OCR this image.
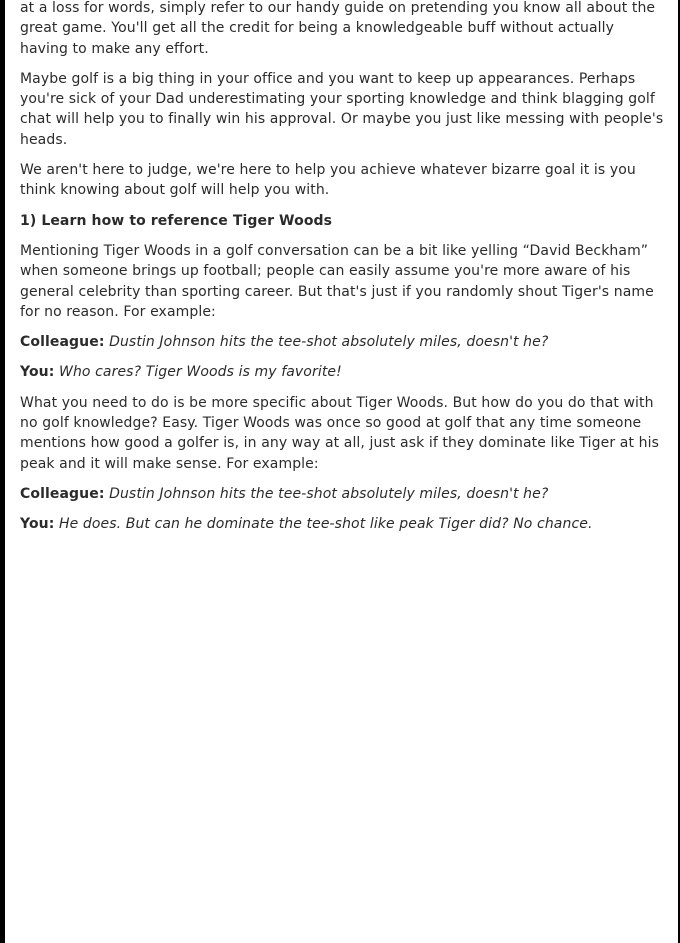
at a loss for words, simply refer to our handy guide on pretending you know all about the great game. You'll get all the credit for being a knowledgeable buff without actually having to make any effort.

Maybe golf is a big thing in your office and you want to keep up appearances. Perhaps you're sick of your Dad underestimating your sporting knowledge and think blagging golf chat will help you to finally win his approval. Or maybe you just like messing with people's heads.

We aren't here to judge, we're here to help you achieve whatever bizarre goal it is you think knowing about golf will help you with.

1) Learn how to reference Tiger Woods

Mentioning Tiger Woods in a golf conversation can be a bit like yelling “David Beckham” when someone brings up football; people can easily assume you're more aware of his general celebrity than sporting career. But that's just if you randomly shout Tiger's name for no reason. For example:

Colleague: Dustin Johnson hits the tee-shot absolutely miles, doesn't he?

You: Who cares? Tiger Woods is my favorite!

What you need to do is be more specific about Tiger Woods. But how do you do that with no golf knowledge? Easy. Tiger Woods was once so good at golf that any time someone mentions how good a golfer is, in any way at all, just ask if they dominate like Tiger at his peak and it will make sense. For example:

Colleague: Dustin Johnson hits the tee-shot absolutely miles, doesn't he?

You: He does. But can he dominate the tee-shot like peak Tiger did? No chance.
